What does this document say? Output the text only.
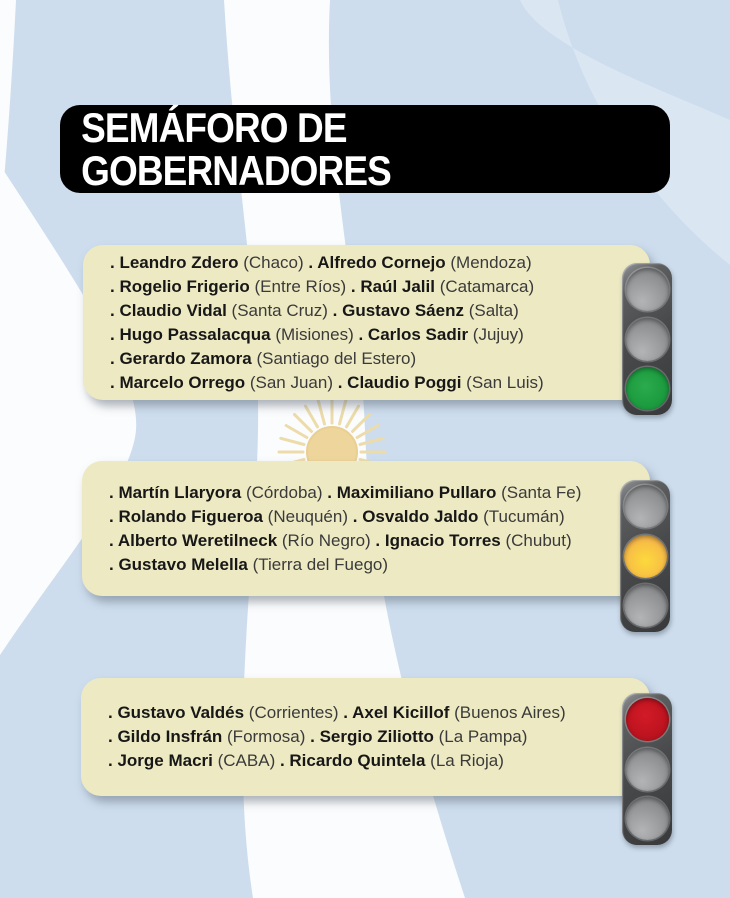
SEMÁFORO DE
GOBERNADORES
. Leandro Zdero (Chaco) . Alfredo Cornejo (Mendoza)
. Rogelio Frigerio (Entre Ríos) . Raúl Jalil (Catamarca)
. Claudio Vidal (Santa Cruz) . Gustavo Sáenz (Salta)
. Hugo Passalacqua (Misiones) . Carlos Sadir (Jujuy)
. Gerardo Zamora (Santiago del Estero)
. Marcelo Orrego (San Juan) . Claudio Poggi (San Luis)
. Martín Llaryora (Córdoba) . Maximiliano Pullaro (Santa Fe)
. Rolando Figueroa (Neuquén) . Osvaldo Jaldo (Tucumán)
. Alberto Weretilneck (Río Negro) . Ignacio Torres (Chubut)
. Gustavo Melella (Tierra del Fuego)
. Gustavo Valdés (Corrientes) . Axel Kicillof (Buenos Aires)
. Gildo Insfrán (Formosa) . Sergio Ziliotto (La Pampa)
. Jorge Macri (CABA) . Ricardo Quintela (La Rioja)
